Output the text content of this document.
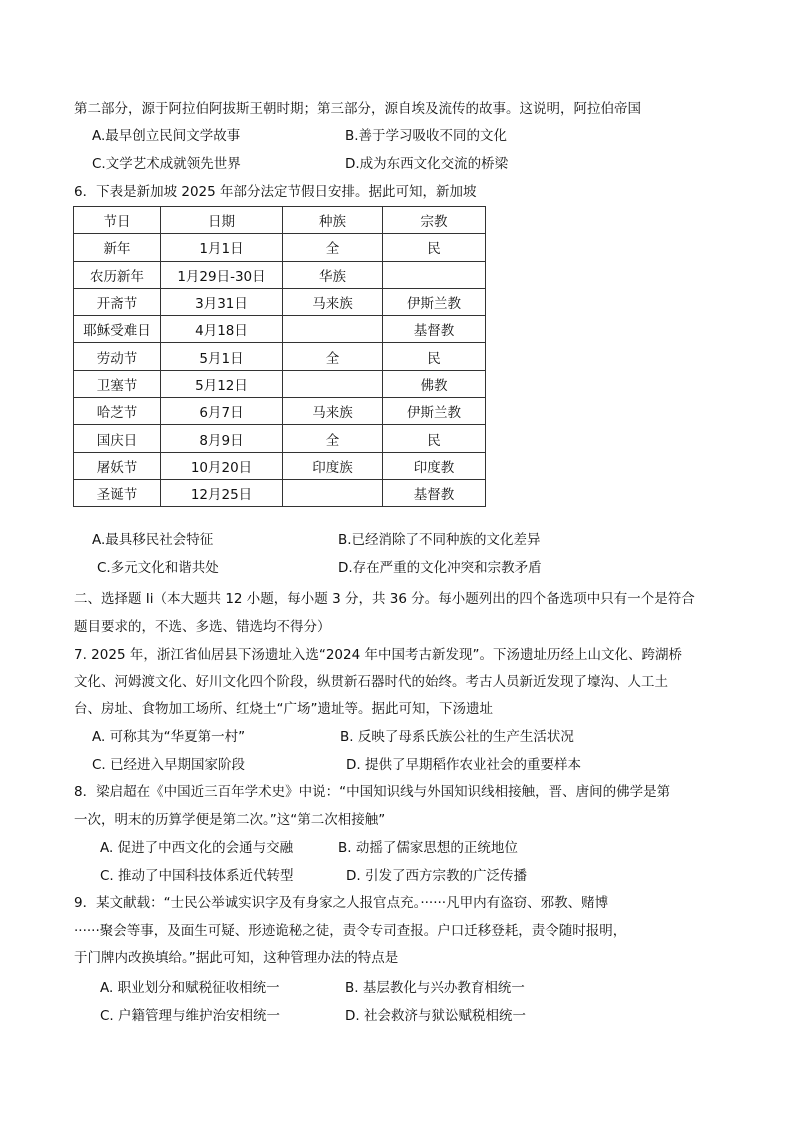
第二部分，源于阿拉伯阿拔斯王朝时期；第三部分，源自埃及流传的故事。这说明，阿拉伯帝国
A.最早创立民间文学故事	B.善于学习吸收不同的文化
C.文学艺术成就领先世界	D.成为东西文化交流的桥梁
6．下表是新加坡 2025 年部分法定节假日安排。据此可知，新加坡
节日	日期	种族	宗教
新年	1月1日	全	民
农历新年	1月29日-30日	华族	
开斋节	3月31日	马来族	伊斯兰教
耶稣受难日	4月18日		基督教
劳动节	5月1日	全	民
卫塞节	5月12日		佛教
哈芝节	6月7日	马来族	伊斯兰教
国庆日	8月9日	全	民
屠妖节	10月20日	印度族	印度教
圣诞节	12月25日		基督教
A.最具移民社会特征	B.已经消除了不同种族的文化差异
C.多元文化和谐共处	D.存在严重的文化冲突和宗教矛盾
二、选择题 Ii（本大题共 12 小题，每小题 3 分，共 36 分。每小题列出的四个备选项中只有一个是符合
题目要求的，不选、多选、错选均不得分）
7. 2025 年，浙江省仙居县下汤遗址入选“2024 年中国考古新发现”。下汤遗址历经上山文化、跨湖桥
文化、河姆渡文化、好川文化四个阶段，纵贯新石器时代的始终。考古人员新近发现了壕沟、人工土
台、房址、食物加工场所、红烧土“广场”遗址等。据此可知，下汤遗址
A. 可称其为“华夏第一村”	B. 反映了母系氏族公社的生产生活状况
C. 已经进入早期国家阶段	D. 提供了早期稻作农业社会的重要样本
8．梁启超在《中国近三百年学术史》中说：“中国知识线与外国知识线相接触，晋、唐间的佛学是第
一次，明末的历算学便是第二次。”这“第二次相接触”
A. 促进了中西文化的会通与交融	B. 动摇了儒家思想的正统地位
C. 推动了中国科技体系近代转型	D. 引发了西方宗教的广泛传播
9．某文献载：“士民公举诚实识字及有身家之人报官点充。······凡甲内有盗窃、邪教、赌博
······聚会等事，及面生可疑、形迹诡秘之徒，责令专司查报。户口迁移登耗，责令随时报明，
于门牌内改换填给。”据此可知，这种管理办法的特点是
A. 职业划分和赋税征收相统一	B. 基层教化与兴办教育相统一
C. 户籍管理与维护治安相统一	D. 社会救济与狱讼赋税相统一
